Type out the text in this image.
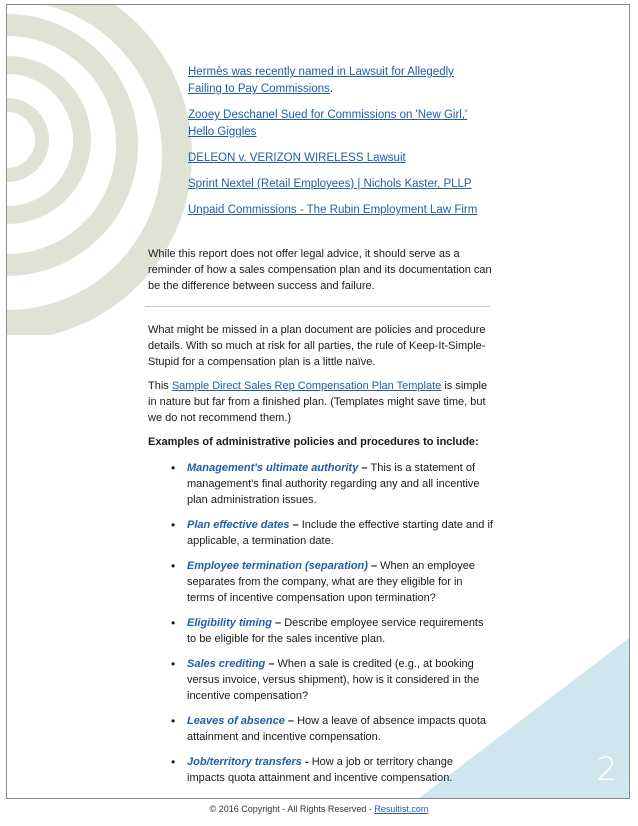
2
Hermès was recently named in Lawsuit for Allegedly Failing to Pay Commissions.
Zooey Deschanel Sued for Commissions on 'New Girl,' Hello Giggles
DELEON v. VERIZON WIRELESS Lawsuit
Sprint Nextel (Retail Employees) | Nichols Kaster, PLLP
Unpaid Commissions - The Rubin Employment Law Firm
While this report does not offer legal advice, it should serve as a reminder of how a sales compensation plan and its documentation can be the difference between success and failure.

What might be missed in a plan document are policies and procedure details. With so much at risk for all parties, the rule of Keep-It-Simple-Stupid for a compensation plan is a little naïve.

This Sample Direct Sales Rep Compensation Plan Template is simple in nature but far from a finished plan. (Templates might save time, but we do not recommend them.)

Examples of administrative policies and procedures to include:
• Management's ultimate authority – This is a statement of management's final authority regarding any and all incentive plan administration issues.
• Plan effective dates – Include the effective starting date and if applicable, a termination date.
• Employee termination (separation) – When an employee separates from the company, what are they eligible for in terms of incentive compensation upon termination?
• Eligibility timing – Describe employee service requirements to be eligible for the sales incentive plan.
• Sales crediting – When a sale is credited (e.g., at booking versus invoice, versus shipment), how is it considered in the incentive compensation?
• Leaves of absence – How a leave of absence impacts quota attainment and incentive compensation.
• Job/territory transfers - How a job or territory change impacts quota attainment and incentive compensation.
© 2016 Copyright - All Rights Reserved - Resultist.com
